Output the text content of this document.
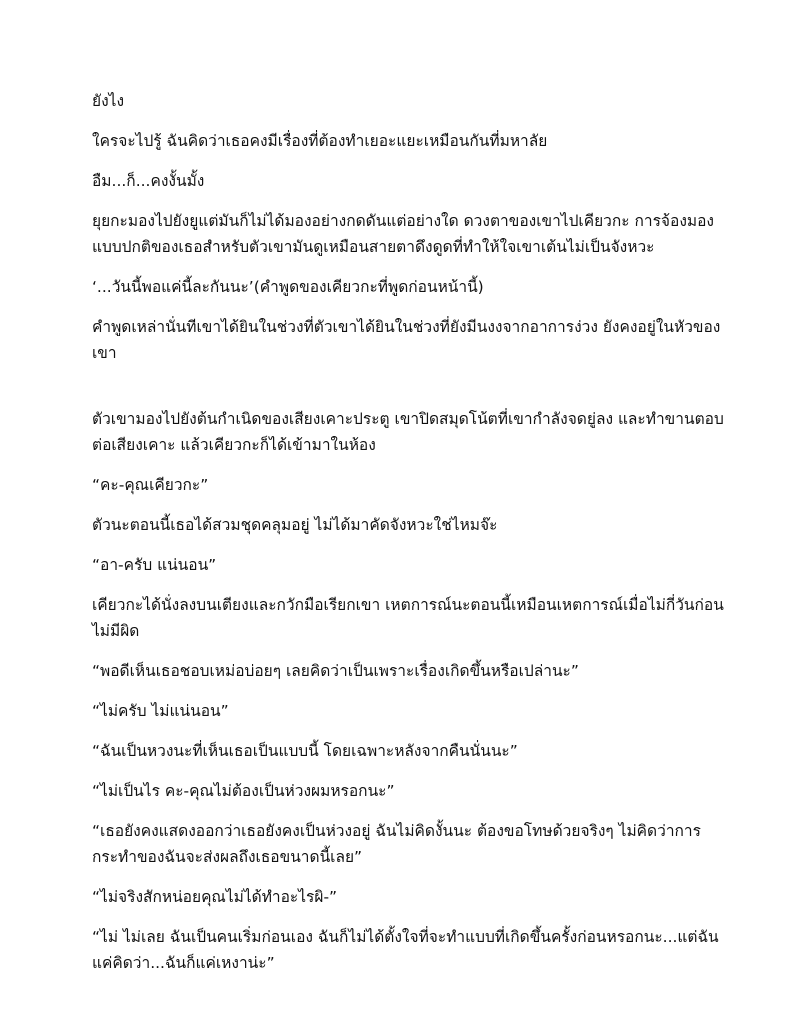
ยังไง

ใครจะไปรู้ ฉันคิดว่าเธอคงมีเรื่องที่ต้องทำเยอะแยะเหมือนกันที่มหาลัย

อืม...ก็...คงงั้นมั้ง

ยุยกะมองไปยังยูแต่มันก็ไม่ได้มองอย่างกดดันแต่อย่างใด ดวงตาของเขาไปเคียวกะ การจ้องมองแบบปกติของเธอสำหรับตัวเขามันดูเหมือนสายตาดึงดูดที่ทำให้ใจเขาเต้นไม่เป็นจังหวะ

‘...วันนี้พอแค่นี้ละกันนะ’(คำพูดของเคียวกะที่พูดก่อนหน้านี้)

คำพูดเหล่านั่นทีเขาได้ยินในช่วงที่ตัวเขาได้ยินในช่วงที่ยังมีนงงจากอาการง่วง ยังคงอยู่ในหัวของเขา

ตัวเขามองไปยังต้นกำเนิดของเสียงเคาะประตู เขาปิดสมุดโน้ตที่เขากำลังจดยู่ลง และทำขานตอบต่อเสียงเคาะ แล้วเคียวกะก็ได้เข้ามาในห้อง

“คะ-คุณเคียวกะ”

ตัวนะตอนนี้เธอได้สวมชุดคลุมอยู่ ไม่ได้มาคัดจังหวะใช่ไหมจ๊ะ

“อา-ครับ แน่นอน”

เคียวกะได้นั่งลงบนเตียงและกวักมือเรียกเขา เหตการณ์นะตอนนี้เหมือนเหตการณ์เมื่อไม่กี่วันก่อนไม่มีผิด

“พอดีเห็นเธอชอบเหม่อบ่อยๆ เลยคิดว่าเป็นเพราะเรื่องเกิดขึ้นหรือเปล่านะ”

“ไม่ครับ ไม่แน่นอน”

“ฉันเป็นหวงนะที่เห็นเธอเป็นแบบนี้ โดยเฉพาะหลังจากคืนนั่นนะ”

“ไม่เป็นไร คะ-คุณไม่ต้องเป็นห่วงผมหรอกนะ”

“เธอยังคงแสดงออกว่าเธอยังคงเป็นห่วงอยู่ ฉันไม่คิดงั้นนะ ต้องขอโทษด้วยจริงๆ ไม่คิดว่าการกระทำของฉันจะส่งผลถึงเธอขนาดนี้เลย”

“ไม่จริงสักหน่อยคุณไม่ได้ทำอะไรผิ-”

“ไม่ ไม่เลย ฉันเป็นคนเริ่มก่อนเอง ฉันก็ไม่ได้ตั้งใจที่จะทำแบบที่เกิดขึ้นครั้งก่อนหรอกนะ...แต่ฉันแค่คิดว่า...ฉันก็แค่เหงาน่ะ”
